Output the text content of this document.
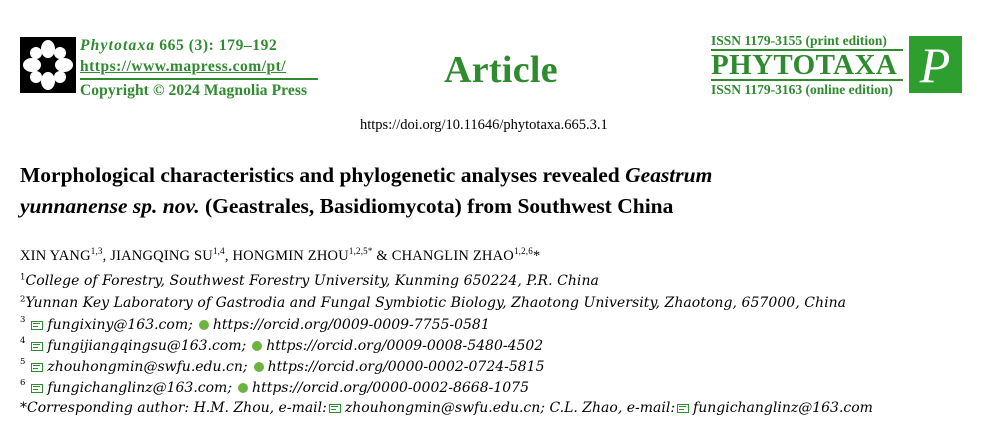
Phytotaxa 665 (3): 179–192
https://www.mapress.com/pt/
Copyright © 2024 Magnolia Press	Article
ISSN 1179-3155 (print edition)
PHYTOTAXA
ISSN 1179-3163 (online edition) P
https://doi.org/10.11646/phytotaxa.665.3.1
Morphological characteristics and phylogenetic analyses revealed Geastrum
yunnanense sp. nov. (Geastrales, Basidiomycota) from Southwest China
XIN YANG$^{1,3}$, JIANGQING SU$^{1,4}$, HONGMIN $ZHOU^{1,2,5*}$ & CHANGLIN ZHAO$^{1,2,6}$*
$^1$College of Forestry, Southwest Forestry University, Kunming 650224, P.R. China
$^2$Yunnan Key Laboratory of Gastrodia and Fungal Symbiotic Biology, Zhaotong University, Zhaotong, 657000, China
$^3$ fungixiny@163.com; https://orcid.org/0009-0009-7755-0581
$^4$ fungijiangqingsu@163.com; https://orcid.org/0009-0008-5480-4502
$^5$ zhouhongmin@swfu.edu.cn; https://orcid.org/0000-0002-0724-5815
$^6$ fungichanglinz@163.com; https://orcid.org/0000-0002-8668-1075
*Corresponding author: H.M. Zhou, e-mail: zhouhongmin@swfu.edu.cn ; C.L. Zhao, e-mail: fungichanglinz@163.com
